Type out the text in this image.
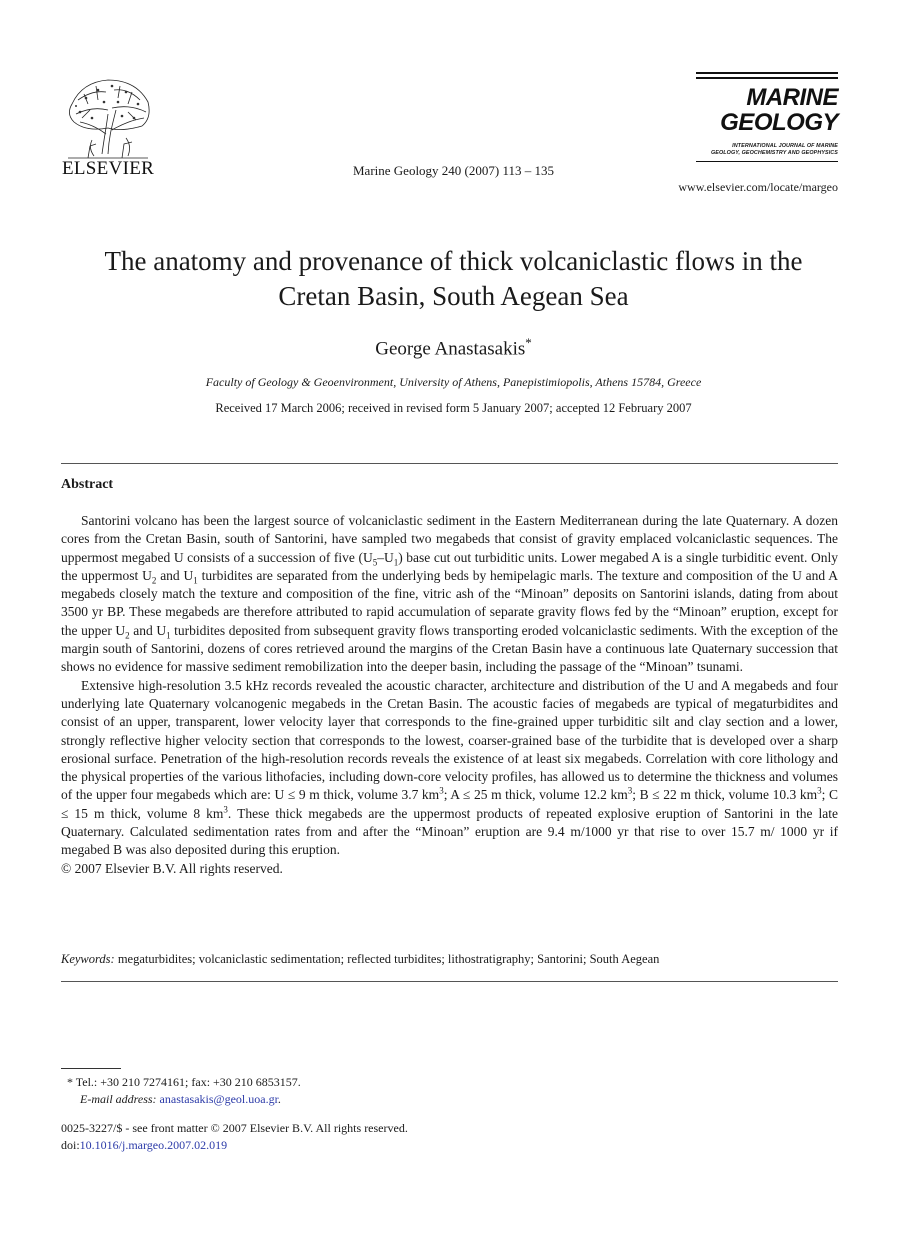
ELSEVIER	Marine Geology 240 (2007) 113 – 135
MARINE
GEOLOGY
INTERNATIONAL JOURNAL OF MARINE
GEOLOGY, GEOCHEMISTRY AND GEOPHYSICS
www.elsevier.com/locate/margeo
The anatomy and provenance of thick volcaniclastic flows in the
Cretan Basin, South Aegean Sea
George Anastasakis*
Faculty of Geology & Geoenvironment, University of Athens, Panepistimiopolis, Athens 15784, Greece
Received 17 March 2006; received in revised form 5 January 2007; accepted 12 February 2007
Abstract

Santorini volcano has been the largest source of volcaniclastic sediment in the Eastern Mediterranean during the late Quaternary. A dozen cores from the Cretan Basin, south of Santorini, have sampled two megabeds that consist of gravity emplaced volcaniclastic sequences. The uppermost megabed U consists of a succession of five $(U_5-U_1)$ base cut out turbiditic units. Lower megabed A is a single turbiditic event. Only the uppermost $U_2$ and $U_1$ turbidites are separated from the underlying beds by hemipelagic marls. The texture and composition of the U and A megabeds closely match the texture and composition of the fine, vitric ash of the “Minoan” deposits on Santorini islands, dating from about 3500 yr BP. These megabeds are therefore attributed to rapid accumulation of separate gravity flows fed by the “Minoan” eruption, except for the upper $U_2$ and $U_1$ turbidites deposited from subsequent gravity flows transporting eroded volcaniclastic sediments. With the exception of the margin south of Santorini, dozens of cores retrieved around the margins of the Cretan Basin have a continuous late Quaternary succession that shows no evidence for massive sediment remobilization into the deeper basin, including the passage of the “Minoan” tsunami.

Extensive high-resolution 3.5 kHz records revealed the acoustic character, architecture and distribution of the U and A megabeds and four underlying late Quaternary volcanogenic megabeds in the Cretan Basin. The acoustic facies of megabeds are typical of megaturbidites and consist of an upper, transparent, lower velocity layer that corresponds to the fine-grained upper turbiditic silt and clay section and a lower, strongly reflective higher velocity section that corresponds to the lowest, coarser-grained base of the turbidite that is developed over a sharp erosional surface. Penetration of the high-resolution records reveals the existence of at least six megabeds. Correlation with core lithology and the physical properties of the various lithofacies, including down-core velocity profiles, has allowed us to determine the thickness and volumes of the upper four megabeds which are: U ≤ 9 m thick, volume 3.7 $km^3$; A ≤ 25 m thick, volume 12.2 $km^3$; B ≤ 22 m thick, volume 10.3 $km^3$; C ≤ 15 m thick, volume 8 $km^3$. These thick megabeds are the uppermost products of repeated explosive eruption of Santorini in the late Quaternary. Calculated sedimentation rates from and after the “Minoan” eruption are 9.4 m/1000 yr that rise to over 15.7 m/ 1000 yr if megabed B was also deposited during this eruption.

© 2007 Elsevier B.V. All rights reserved.

Keywords: megaturbidites; volcaniclastic sedimentation; reflected turbidites; lithostratigraphy; Santorini; South Aegean
* Tel.: +30 210 7274161; fax: +30 210 6853157.
E-mail address: anastasakis@geol.uoa.gr.
0025-3227/$ - see front matter © 2007 Elsevier B.V. All rights reserved.
doi:10.1016/j.margeo.2007.02.019
